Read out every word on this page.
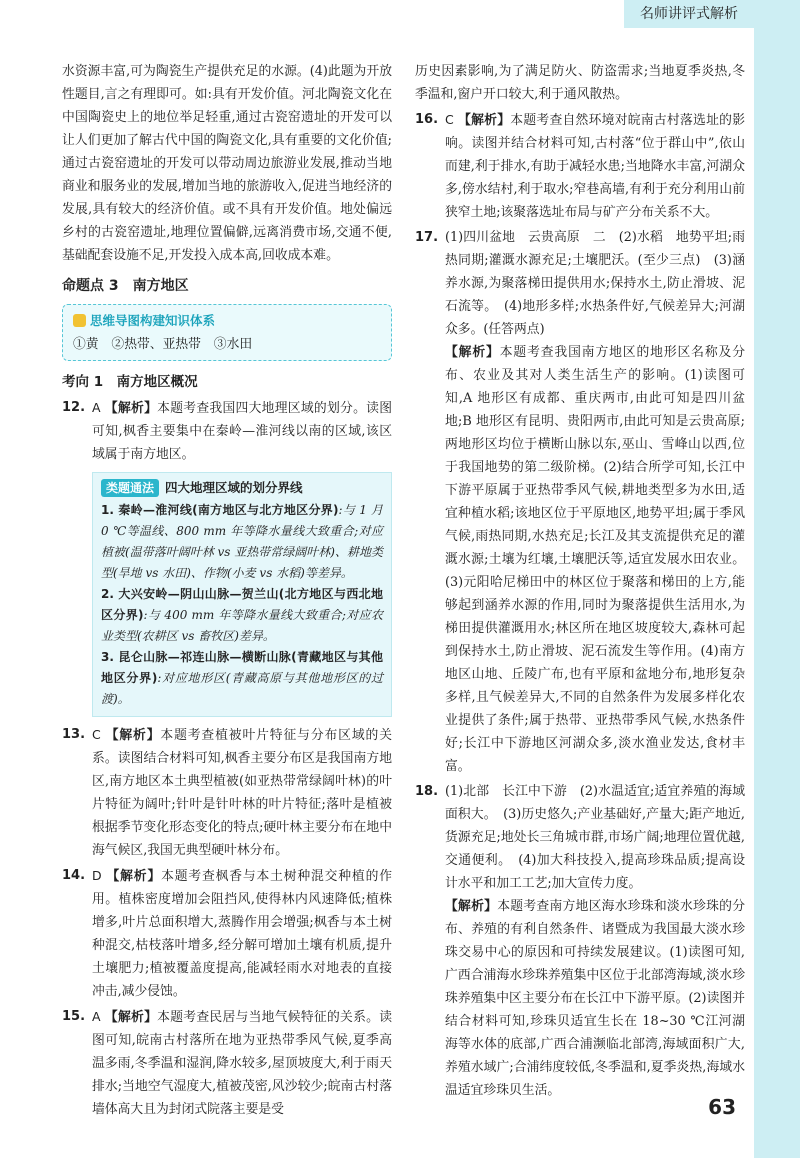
名师讲评式解析

水资源丰富,可为陶瓷生产提供充足的水源。(4)此题为开放性题目,言之有理即可。如:具有开发价值。河北陶瓷文化在中国陶瓷史上的地位举足轻重,通过古瓷窑遗址的开发可以让人们更加了解古代中国的陶瓷文化,具有重要的文化价值;通过古瓷窑遗址的开发可以带动周边旅游业发展,推动当地商业和服务业的发展,增加当地的旅游收入,促进当地经济的发展,具有较大的经济价值。或不具有开发价值。地处偏远乡村的古瓷窑遗址,地理位置偏僻,远离消费市场,交通不便,基础配套设施不足,开发投入成本高,回收成本难。

命题点 3　南方地区
思维导图构建知识体系
①黄　②热带、亚热带　③水田
考向 1　南方地区概况
12. A 【解析】本题考查我国四大地理区域的划分。读图可知,枫香主要集中在秦岭—淮河线以南的区域,该区域属于南方地区。

类题通法 四大地理区域的划分界线

1. 秦岭—淮河线(南方地区与北方地区分界):与 1 月 0 ℃等温线、800 mm 年等降水量线大致重合;对应植被(温带落叶阔叶林 vs 亚热带常绿阔叶林)、耕地类型(旱地 vs 水田)、作物(小麦 vs 水稻)等差异。

2. 大兴安岭—阴山山脉—贺兰山(北方地区与西北地区分界):与 400 mm 年等降水量线大致重合;对应农业类型(农耕区 vs 畜牧区)差异。

3. 昆仑山脉—祁连山脉—横断山脉(青藏地区与其他地区分界):对应地形区(青藏高原与其他地形区的过渡)。

13. C 【解析】本题考查植被叶片特征与分布区域的关系。读图结合材料可知,枫香主要分布区是我国南方地区,南方地区本土典型植被(如亚热带常绿阔叶林)的叶片特征为阔叶;针叶是针叶林的叶片特征;落叶是植被根据季节变化形态变化的特点;硬叶林主要分布在地中海气候区,我国无典型硬叶林分布。

14. D 【解析】本题考查枫香与本土树种混交种植的作用。植株密度增加会阻挡风,使得林内风速降低;植株增多,叶片总面积增大,蒸腾作用会增强;枫香与本土树种混交,枯枝落叶增多,经分解可增加土壤有机质,提升土壤肥力;植被覆盖度提高,能减轻雨水对地表的直接冲击,减少侵蚀。

15. A 【解析】本题考查民居与当地气候特征的关系。读图可知,皖南古村落所在地为亚热带季风气候,夏季高温多雨,冬季温和湿润,降水较多,屋顶坡度大,利于雨天排水;当地空气湿度大,植被茂密,风沙较少;皖南古村落墙体高大且为封闭式院落主要是受

历史因素影响,为了满足防火、防盗需求;当地夏季炎热,冬季温和,窗户开口较大,利于通风散热。

16. C 【解析】本题考查自然环境对皖南古村落选址的影响。读图并结合材料可知,古村落“位于群山中”,依山而建,利于排水,有助于减轻水患;当地降水丰富,河湖众多,傍水结村,利于取水;窄巷高墙,有利于充分利用山前狭窄土地;该聚落选址布局与矿产分布关系不大。

17. (1)四川盆地　云贵高原　二　(2)水稻　地势平坦;雨热同期;灌溉水源充足;土壤肥沃。(至少三点)　(3)涵养水源,为聚落梯田提供用水;保持水土,防止滑坡、泥石流等。　(4)地形多样;水热条件好,气候差异大;河湖众多。(任答两点)

【解析】本题考查我国南方地区的地形区名称及分布、农业及其对人类生活生产的影响。(1)读图可知,A 地形区有成都、重庆两市,由此可知是四川盆地;B 地形区有昆明、贵阳两市,由此可知是云贵高原;两地形区均位于横断山脉以东,巫山、雪峰山以西,位于我国地势的第二级阶梯。(2)结合所学可知,长江中下游平原属于亚热带季风气候,耕地类型多为水田,适宜种植水稻;该地区位于平原地区,地势平坦;属于季风气候,雨热同期,水热充足;长江及其支流提供充足的灌溉水源;土壤为红壤,土壤肥沃等,适宜发展水田农业。(3)元阳哈尼梯田中的林区位于聚落和梯田的上方,能够起到涵养水源的作用,同时为聚落提供生活用水,为梯田提供灌溉用水;林区所在地区坡度较大,森林可起到保持水土,防止滑坡、泥石流发生等作用。(4)南方地区山地、丘陵广布,也有平原和盆地分布,地形复杂多样,且气候差异大,不同的自然条件为发展多样化农业提供了条件;属于热带、亚热带季风气候,水热条件好;长江中下游地区河湖众多,淡水渔业发达,食材丰富。

18. (1)北部　长江中下游　(2)水温适宜;适宜养殖的海域面积大。　(3)历史悠久;产业基础好,产量大;距产地近,货源充足;地处长三角城市群,市场广阔;地理位置优越,交通便利。　(4)加大科技投入,提高珍珠品质;提高设计水平和加工工艺;加大宣传力度。

【解析】本题考查南方地区海水珍珠和淡水珍珠的分布、养殖的有利自然条件、诸暨成为我国最大淡水珍珠交易中心的原因和可持续发展建议。(1)读图可知,广西合浦海水珍珠养殖集中区位于北部湾海域,淡水珍珠养殖集中区主要分布在长江中下游平原。(2)读图并结合材料可知,珍珠贝适宜生长在 18~30 ℃江河湖海等水体的底部,广西合浦濒临北部湾,海域面积广大,养殖水域广;合浦纬度较低,冬季温和,夏季炎热,海域水温适宜珍珠贝生活。

63
